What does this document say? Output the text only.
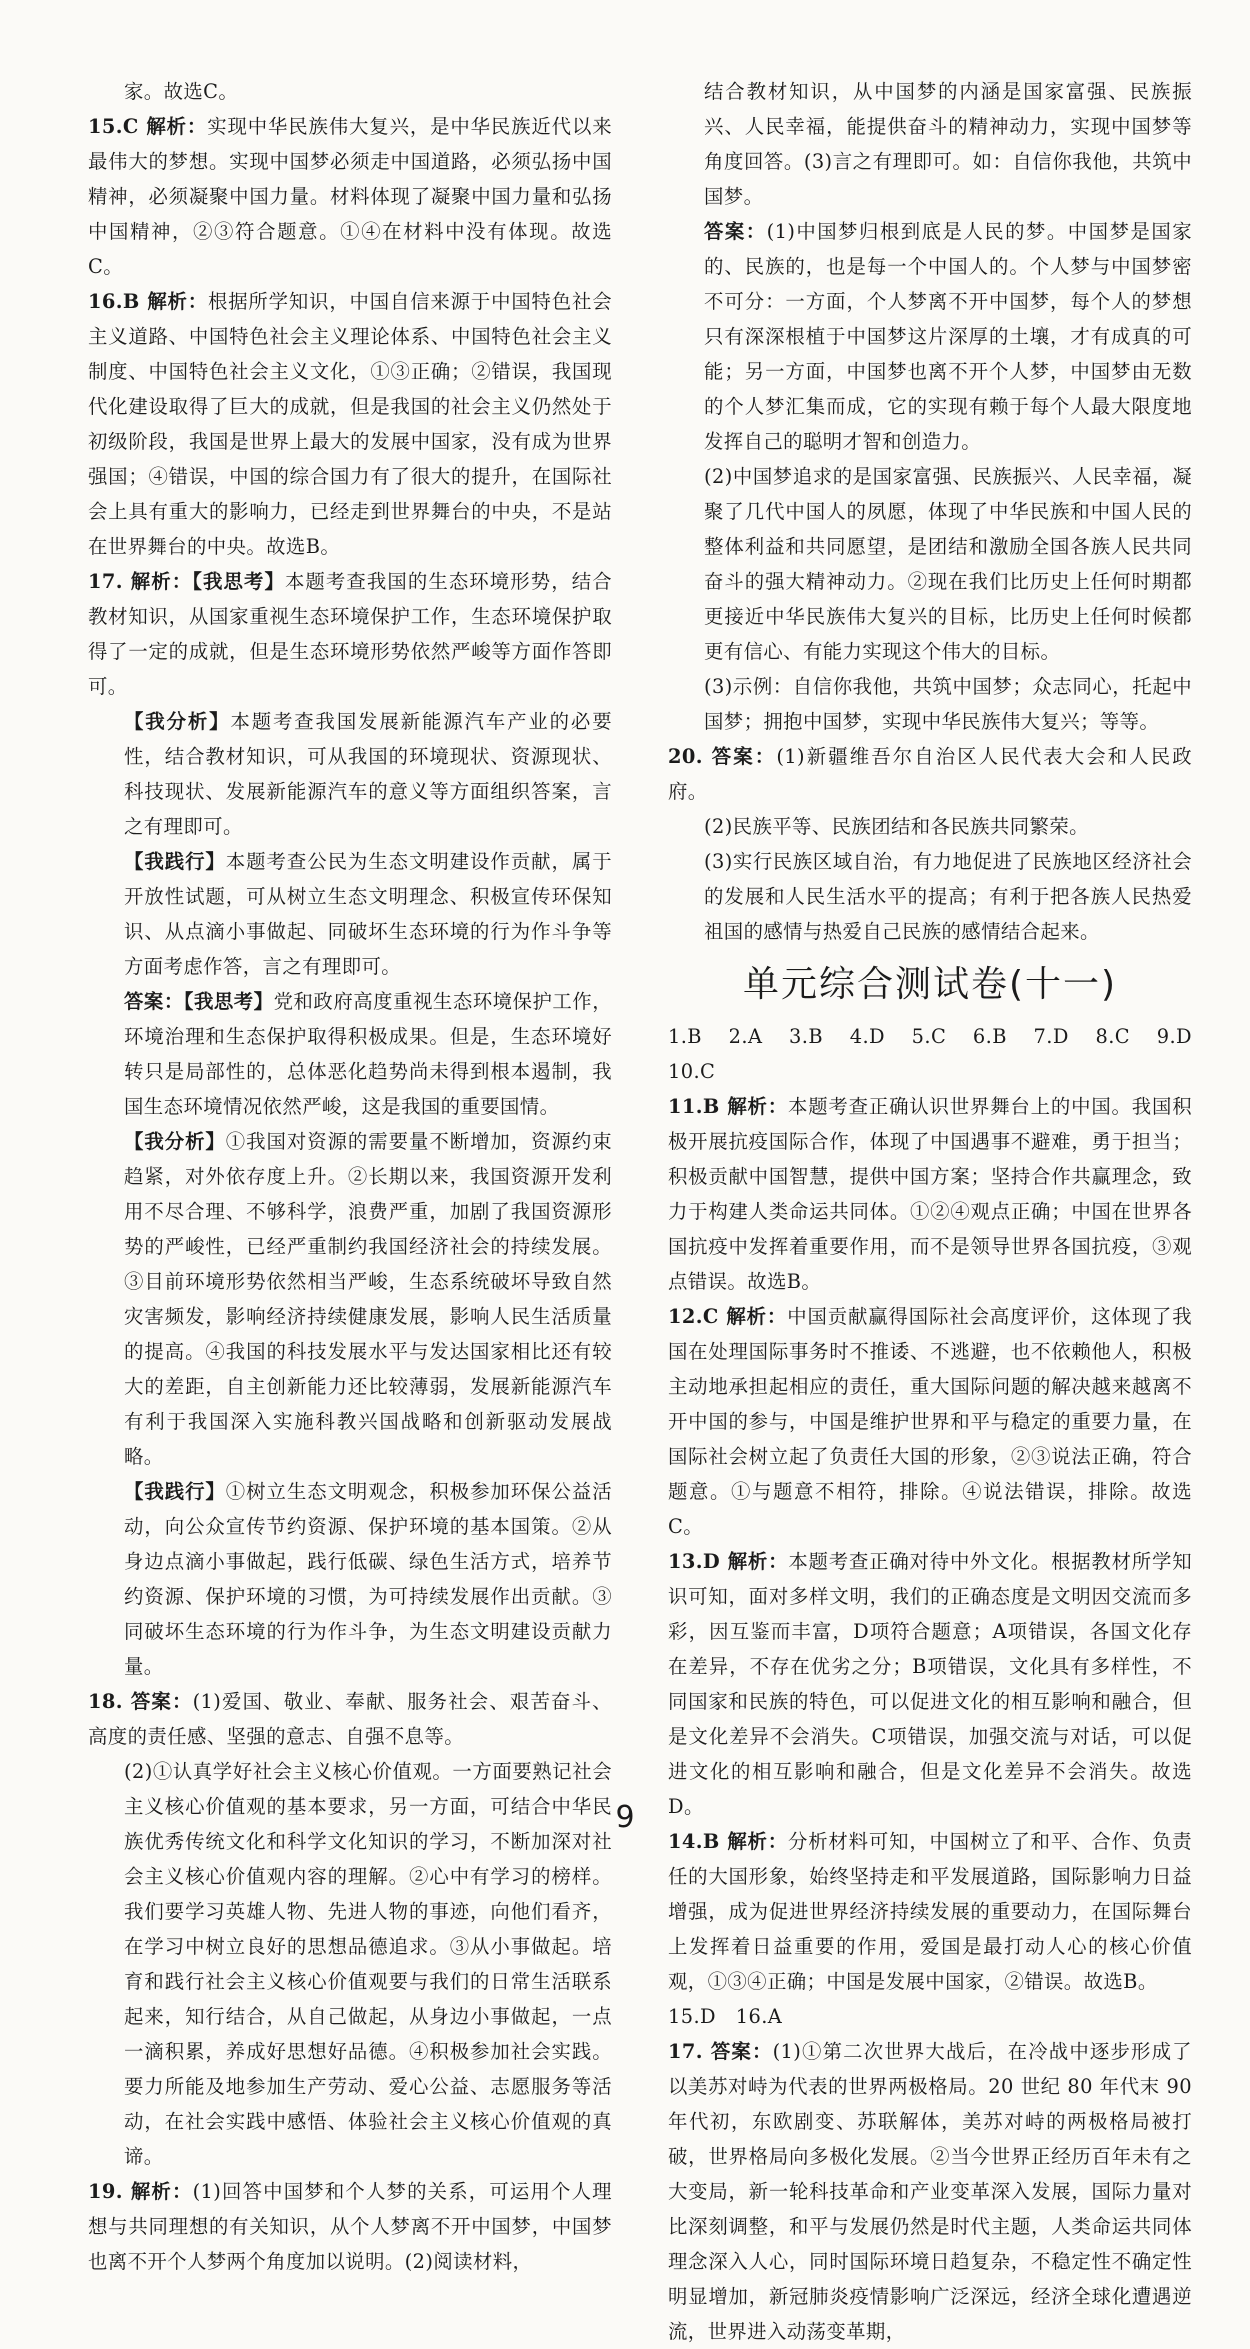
家。故选C。

15.C 解析：实现中华民族伟大复兴，是中华民族近代以来最伟大的梦想。实现中国梦必须走中国道路，必须弘扬中国精神，必须凝聚中国力量。材料体现了凝聚中国力量和弘扬中国精神，②③符合题意。①④在材料中没有体现。故选C。

16.B 解析：根据所学知识，中国自信来源于中国特色社会主义道路、中国特色社会主义理论体系、中国特色社会主义制度、中国特色社会主义文化，①③正确；②错误，我国现代化建设取得了巨大的成就，但是我国的社会主义仍然处于初级阶段，我国是世界上最大的发展中国家，没有成为世界强国；④错误，中国的综合国力有了很大的提升，在国际社会上具有重大的影响力，已经走到世界舞台的中央，不是站在世界舞台的中央。故选B。

17. 解析：【我思考】本题考查我国的生态环境形势，结合教材知识，从国家重视生态环境保护工作，生态环境保护取得了一定的成就，但是生态环境形势依然严峻等方面作答即可。

【我分析】本题考查我国发展新能源汽车产业的必要性，结合教材知识，可从我国的环境现状、资源现状、科技现状、发展新能源汽车的意义等方面组织答案，言之有理即可。

【我践行】本题考查公民为生态文明建设作贡献，属于开放性试题，可从树立生态文明理念、积极宣传环保知识、从点滴小事做起、同破坏生态环境的行为作斗争等方面考虑作答，言之有理即可。

答案：【我思考】党和政府高度重视生态环境保护工作，环境治理和生态保护取得积极成果。但是，生态环境好转只是局部性的，总体恶化趋势尚未得到根本遏制，我国生态环境情况依然严峻，这是我国的重要国情。

【我分析】①我国对资源的需要量不断增加，资源约束趋紧，对外依存度上升。②长期以来，我国资源开发利用不尽合理、不够科学，浪费严重，加剧了我国资源形势的严峻性，已经严重制约我国经济社会的持续发展。③目前环境形势依然相当严峻，生态系统破坏导致自然灾害频发，影响经济持续健康发展，影响人民生活质量的提高。④我国的科技发展水平与发达国家相比还有较大的差距，自主创新能力还比较薄弱，发展新能源汽车有利于我国深入实施科教兴国战略和创新驱动发展战略。

【我践行】①树立生态文明观念，积极参加环保公益活动，向公众宣传节约资源、保护环境的基本国策。②从身边点滴小事做起，践行低碳、绿色生活方式，培养节约资源、保护环境的习惯，为可持续发展作出贡献。③同破坏生态环境的行为作斗争，为生态文明建设贡献力量。

18. 答案：(1)爱国、敬业、奉献、服务社会、艰苦奋斗、高度的责任感、坚强的意志、自强不息等。

(2)①认真学好社会主义核心价值观。一方面要熟记社会主义核心价值观的基本要求，另一方面，可结合中华民族优秀传统文化和科学文化知识的学习，不断加深对社会主义核心价值观内容的理解。②心中有学习的榜样。我们要学习英雄人物、先进人物的事迹，向他们看齐，在学习中树立良好的思想品德追求。③从小事做起。培育和践行社会主义核心价值观要与我们的日常生活联系起来，知行结合，从自己做起，从身边小事做起，一点一滴积累，养成好思想好品德。④积极参加社会实践。要力所能及地参加生产劳动、爱心公益、志愿服务等活动，在社会实践中感悟、体验社会主义核心价值观的真谛。

19. 解析：(1)回答中国梦和个人梦的关系，可运用个人理想与共同理想的有关知识，从个人梦离不开中国梦，中国梦也离不开个人梦两个角度加以说明。(2)阅读材料，

结合教材知识，从中国梦的内涵是国家富强、民族振兴、人民幸福，能提供奋斗的精神动力，实现中国梦等角度回答。(3)言之有理即可。如：自信你我他，共筑中国梦。

答案：(1)中国梦归根到底是人民的梦。中国梦是国家的、民族的，也是每一个中国人的。个人梦与中国梦密不可分：一方面，个人梦离不开中国梦，每个人的梦想只有深深根植于中国梦这片深厚的土壤，才有成真的可能；另一方面，中国梦也离不开个人梦，中国梦由无数的个人梦汇集而成，它的实现有赖于每个人最大限度地发挥自己的聪明才智和创造力。

(2)中国梦追求的是国家富强、民族振兴、人民幸福，凝聚了几代中国人的夙愿，体现了中华民族和中国人民的整体利益和共同愿望，是团结和激励全国各族人民共同奋斗的强大精神动力。②现在我们比历史上任何时期都更接近中华民族伟大复兴的目标，比历史上任何时候都更有信心、有能力实现这个伟大的目标。

(3)示例：自信你我他，共筑中国梦；众志同心，托起中国梦；拥抱中国梦，实现中华民族伟大复兴；等等。

20. 答案：(1)新疆维吾尔自治区人民代表大会和人民政府。

(2)民族平等、民族团结和各民族共同繁荣。

(3)实行民族区域自治，有力地促进了民族地区经济社会的发展和人民生活水平的提高；有利于把各族人民热爱祖国的感情与热爱自己民族的感情结合起来。

单元综合测试卷(十一)

1.B　2.A　3.B　4.D　5.C　6.B　7.D　8.C　9.D　10.C

11.B 解析：本题考查正确认识世界舞台上的中国。我国积极开展抗疫国际合作，体现了中国遇事不避难，勇于担当；积极贡献中国智慧，提供中国方案；坚持合作共赢理念，致力于构建人类命运共同体。①②④观点正确；中国在世界各国抗疫中发挥着重要作用，而不是领导世界各国抗疫，③观点错误。故选B。

12.C 解析：中国贡献赢得国际社会高度评价，这体现了我国在处理国际事务时不推诿、不逃避，也不依赖他人，积极主动地承担起相应的责任，重大国际问题的解决越来越离不开中国的参与，中国是维护世界和平与稳定的重要力量，在国际社会树立起了负责任大国的形象，②③说法正确，符合题意。①与题意不相符，排除。④说法错误，排除。故选C。

13.D 解析：本题考查正确对待中外文化。根据教材所学知识可知，面对多样文明，我们的正确态度是文明因交流而多彩，因互鉴而丰富，D项符合题意；A项错误，各国文化存在差异，不存在优劣之分；B项错误，文化具有多样性，不同国家和民族的特色，可以促进文化的相互影响和融合，但是文化差异不会消失。C项错误，加强交流与对话，可以促进文化的相互影响和融合，但是文化差异不会消失。故选D。

14.B 解析：分析材料可知，中国树立了和平、合作、负责任的大国形象，始终坚持走和平发展道路，国际影响力日益增强，成为促进世界经济持续发展的重要动力，在国际舞台上发挥着日益重要的作用，爱国是最打动人心的核心价值观，①③④正确；中国是发展中国家，②错误。故选B。

15.D　16.A

17. 答案：(1)①第二次世界大战后，在冷战中逐步形成了以美苏对峙为代表的世界两极格局。20 世纪 80 年代末 90 年代初，东欧剧变、苏联解体，美苏对峙的两极格局被打破，世界格局向多极化发展。②当今世界正经历百年未有之大变局，新一轮科技革命和产业变革深入发展，国际力量对比深刻调整，和平与发展仍然是时代主题，人类命运共同体理念深入人心，同时国际环境日趋复杂，不稳定性不确定性明显增加，新冠肺炎疫情影响广泛深远，经济全球化遭遇逆流，世界进入动荡变革期，

9
